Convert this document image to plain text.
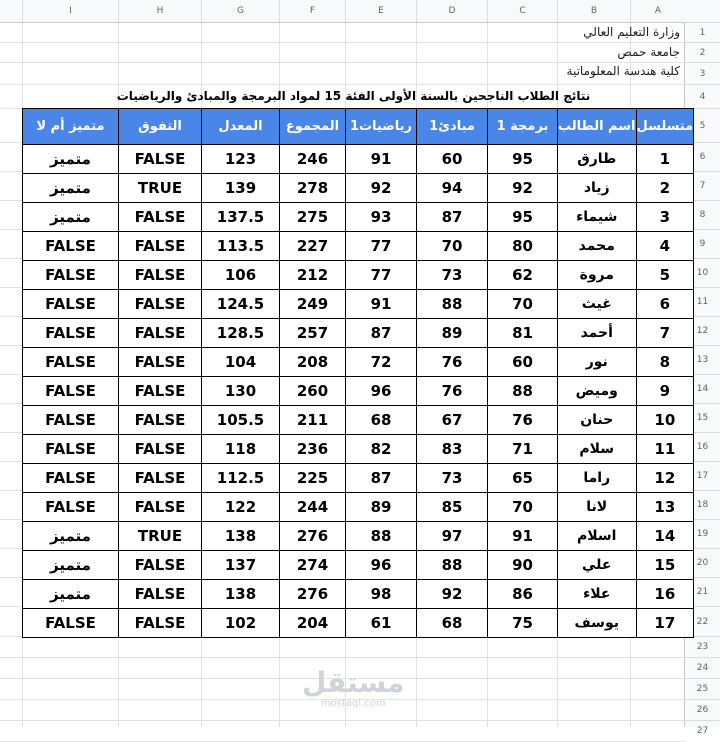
I	H	G	F	E	D	C	B	A
1
2
3
4
5
6
7
8
9
10
11
12
13
14
15
16
17
18
19
20
21
22
23
24
25
26
27
وزارة التعليم العالي
جامعة حمص
كلية هندسة المعلوماتية
نتائج الطلاب الناجحين بالسنة الأولى الفئة 15 لمواد البرمجة والمبادئ والرياضيات
متسلسل	اسم الطالب	برمجة 1	مبادئ1	رياضيات1	المجموع	المعدل	التفوق	متميز أم لا
1	طارق	95	60	91	246	123	FALSE	متميز
2	زياد	92	94	92	278	139	TRUE	متميز
3	شيماء	95	87	93	275	137.5	FALSE	متميز
4	محمد	80	70	77	227	113.5	FALSE	FALSE
5	مروة	62	73	77	212	106	FALSE	FALSE
6	غيث	70	88	91	249	124.5	FALSE	FALSE
7	أحمد	81	89	87	257	128.5	FALSE	FALSE
8	نور	60	76	72	208	104	FALSE	FALSE
9	وميض	88	76	96	260	130	FALSE	FALSE
10	حنان	76	67	68	211	105.5	FALSE	FALSE
11	سلام	71	83	82	236	118	FALSE	FALSE
12	راما	65	73	87	225	112.5	FALSE	FALSE
13	لانا	70	85	89	244	122	FALSE	FALSE
14	اسلام	91	97	88	276	138	TRUE	متميز
15	علي	90	88	96	274	137	FALSE	متميز
16	علاء	86	92	98	276	138	FALSE	متميز
17	يوسف	75	68	61	204	102	FALSE	FALSE
مستقل
mostaql.com
